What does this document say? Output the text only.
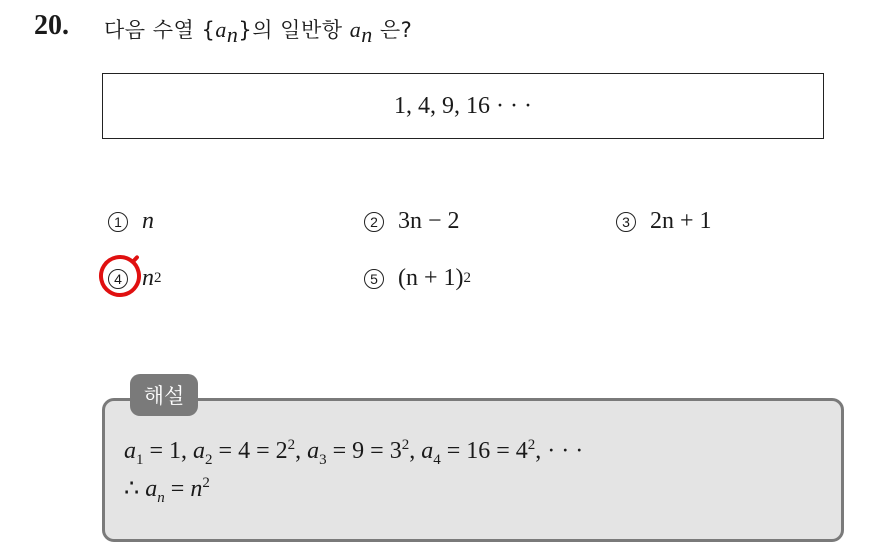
20. 다음 수열 $\{a_n\}$의 일반항 $a_n$ 은?
1, 4, 9, 16 · · ·
1 n	2 3n − 2	3 2n + 1
4 n 2	5 (n + 1) 2
해설
$a_1 = 1$, $a_2 = 4 = 2^2$, $a_3 = 9 = 3^2$, $a_4 = 16 = 4^2$, · · ·
∴ $a_n = n^2$
